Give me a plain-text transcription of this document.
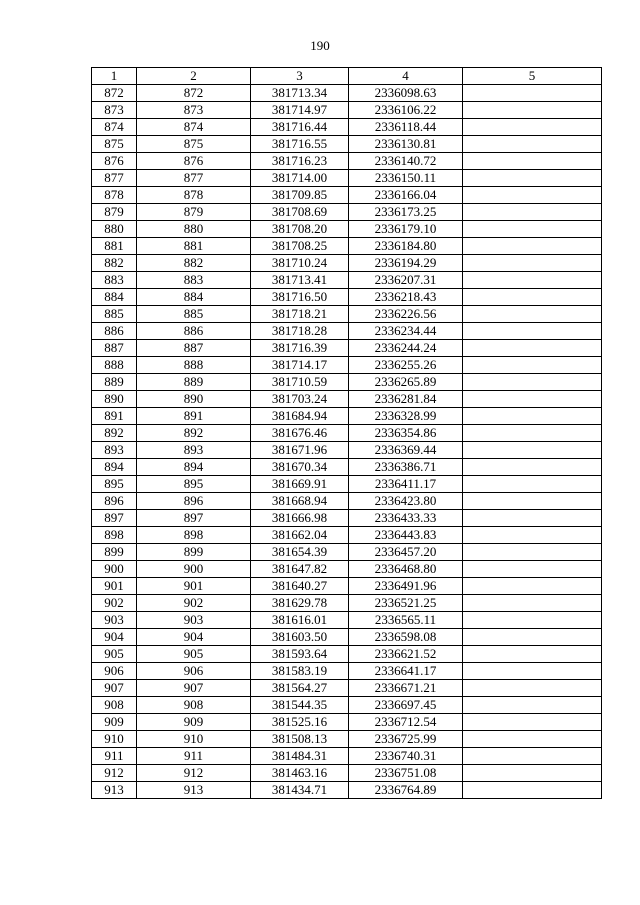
190
1	2	3	4	5
872	872	381713.34	2336098.63	
873	873	381714.97	2336106.22	
874	874	381716.44	2336118.44	
875	875	381716.55	2336130.81	
876	876	381716.23	2336140.72	
877	877	381714.00	2336150.11	
878	878	381709.85	2336166.04	
879	879	381708.69	2336173.25	
880	880	381708.20	2336179.10	
881	881	381708.25	2336184.80	
882	882	381710.24	2336194.29	
883	883	381713.41	2336207.31	
884	884	381716.50	2336218.43	
885	885	381718.21	2336226.56	
886	886	381718.28	2336234.44	
887	887	381716.39	2336244.24	
888	888	381714.17	2336255.26	
889	889	381710.59	2336265.89	
890	890	381703.24	2336281.84	
891	891	381684.94	2336328.99	
892	892	381676.46	2336354.86	
893	893	381671.96	2336369.44	
894	894	381670.34	2336386.71	
895	895	381669.91	2336411.17	
896	896	381668.94	2336423.80	
897	897	381666.98	2336433.33	
898	898	381662.04	2336443.83	
899	899	381654.39	2336457.20	
900	900	381647.82	2336468.80	
901	901	381640.27	2336491.96	
902	902	381629.78	2336521.25	
903	903	381616.01	2336565.11	
904	904	381603.50	2336598.08	
905	905	381593.64	2336621.52	
906	906	381583.19	2336641.17	
907	907	381564.27	2336671.21	
908	908	381544.35	2336697.45	
909	909	381525.16	2336712.54	
910	910	381508.13	2336725.99	
911	911	381484.31	2336740.31	
912	912	381463.16	2336751.08	
913	913	381434.71	2336764.89	
